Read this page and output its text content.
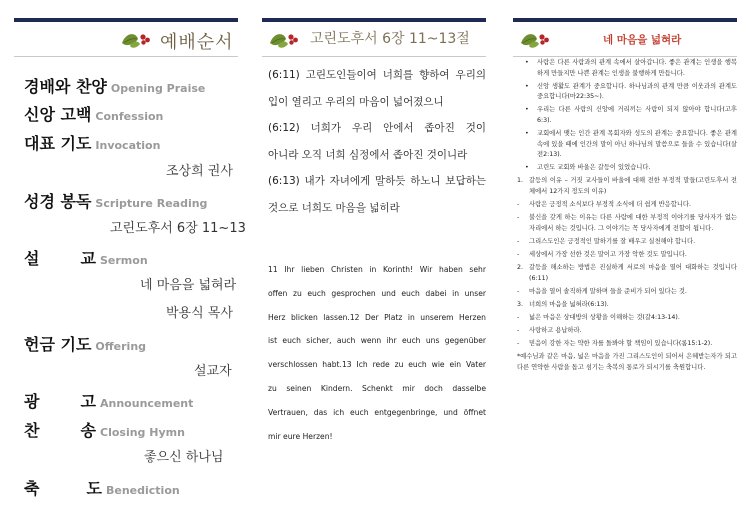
예배순서
경배와 찬양 Opening Praise
신앙 고백 Confession
대표 기도 Invocation
조상희 권사
성경 봉독 Scripture Reading
고린도후서 6장 11~13
설	교 Sermon
네 마음을 넓혀라
박용식 목사
헌금 기도 Offering
설교자
광	고 Announcement
찬	송 Closing Hymn
좋으신 하나님
축	도 Benediction
고린도후서 6장 11~13절

(6:11) 고린도인들이여 너희를 향하여 우리의

입이 열리고 우리의 마음이 넓어졌으니

(6:12) 너희가 우리 안에서 좁아진 것이

아니라 오직 너희 심정에서 좁아진 것이니라

(6:13) 내가 자녀에게 말하듯 하노니 보답하는

것으로 너희도 마음을 넓히라

11 Ihr lieben Christen in Korinth! Wir haben sehr

offen zu euch gesprochen und euch dabei in unser

Herz blicken lassen.12 Der Platz in unserem Herzen

ist euch sicher, auch wenn ihr euch uns gegenüber

verschlossen habt.13 Ich rede zu euch wie ein Vater

zu seinen Kindern. Schenkt mir doch dasselbe

Vertrauen, das ich euch entgegenbringe, und öffnet

mir eure Herzen!

네 마음을 넓혀라
•	사람은 다른 사람과의 관계 속에서 살아갑니다. 좋은 관계는 인생을 행복하게 만들지만 나쁜 관계는 인생을 불행하게 만듭니다.
•	신앙 생활도 관계가 중요합니다. 하나님과의 관계 만큼 이웃과의 관계도 중요합니다(마22:35~).
•	우리는 다른 사람의 신앙에 거리끼는 사람이 되지 않아야 합니다(고후6:3).
•	교회에서 맺는 인간 관계 목회자와 성도의 관계는 중요합니다. 좋은 관계속에 있을 때에 인간의 말이 아닌 하나님의 말씀으로 들을 수 있습니다(살전2:13).
•	고린도 교회와 바울은 갈등이 있었습니다.
1. 갈등의 이유 – 거짓 교사들이 바울에 대해 전한 부정적 말들(고린도후서 전체에서 12가지 정도의 이유)
-	사람은 긍정적 소식보다 부정적 소식에 더 쉽게 반응합니다.
-	불신을 갖게 하는 이유는 다른 사람에 대한 부정적 이야기를 당사자가 없는 자리에서 하는 것입니다. 그 이야기는 꼭 당사자에게 전할이 됩니다.
-	그리스도인은 긍정적인 말하기를 잘 배우고 실천해야 합니다.
-	세상에서 가장 선한 것은 말이고 가장 악한 것도 말입니다.
2. 갈등을 해소하는 방법은 진실하게 서로의 마음을 열어 대화하는 것입니다(6:11)
-	마음을 열어 솔직하게 말하며 들을 준비가 되어 있다는 것.
3. 너희의 마음을 넓혀라(6:13).
-	넓은 마음은 상대방의 상황을 이해하는 것(갈4:13-14).
-	사랑하고 용납하라.
-	믿음이 강한 자는 약한 자를 돌봐야 할 책임이 있습니다(롬15:1-2).
*예수님과 같은 마음, 넓은 마음을 가진 그리스도인이 되어서 은혜받는자가 되고 다른 연약한 사람을 돕고 섬기는 축복의 통로가 되시기를 축원합니다.
